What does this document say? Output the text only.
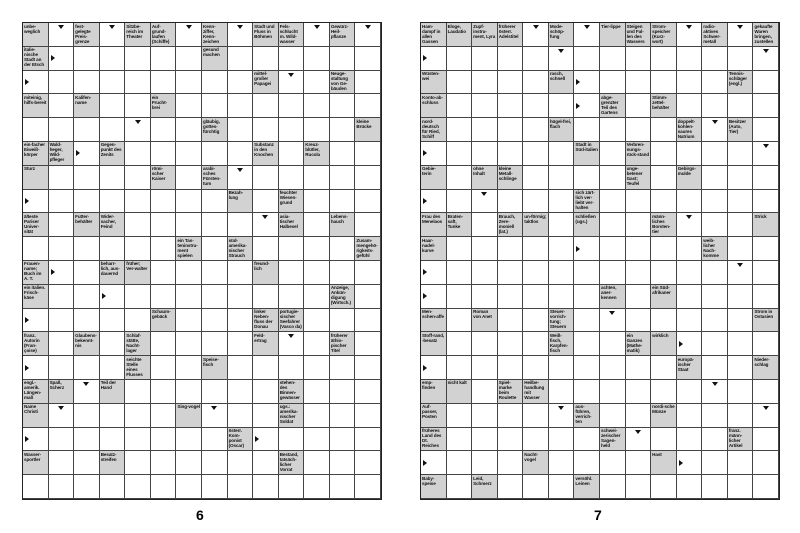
unbe-weglich
fest-gelegte Preis-grenze
Sitzbe-reich im Theater
Auf-grund-laufen (Schiffe)
Kenn-ziffer, Kenn-zeichen
Stadt und Fluss in Böhmen
Fels-schlucht m. Wild-wasser
Gewürz-Heil-pflanze
italie-nische Stadt an der Etsch
gesund machen
mittel-großer Papagei
Neuge-staltung von Ge-bäuden
miteinig, hilfs-bereit
Kalifen-name
ein Frucht-brei
gläubig, gottes-fürchtig
kleine Brücke
ein-facher Eiweiß-körper
Wald-heger, Wild-pfleger
Gegen-punkt des Zenits
Substanz in den Knochen
Kreuz-blütler, Rucola
Sturz	römi-scher Kaiser
arabi-sches Fürsten-tum
Bezah-lung
feuchter Wiesen-grund
älteste Pariser Univer-sität
Futter-behälter
Wider-sacher, Feind
asia-tischer Halbesel
Lebens-hauch
ein Tas-teninstru-ment spielen
süd-amerika-nischer Strauch
Zusam-mengehö-rigkeits-gefühl
Frauen-name; Buch im A. T.
beharr-lich, aus-dauernd
früher; Ver-walter
freund-lich
ein italien. Frisch-käse
Anzeige, Ankün-digung (Wirtsch.)
Schaum-gebäck
linker Neben-fluss der Donau
portugie-sischer Seefahrer (Vasco da)
franz. Autorin (Fran-çoise)
Glaubens-bekennt-nis
Schlaf-stätte, Nacht-lager
Feld-ertrag
früherer äthio-pischer Titel
seichte Stelle eines Flusses
Speise-fisch
engl.-amerik. Längen-maß
Spaß, Scherz
Teil der Hand
stehen-des Binnen-gewässer
Name Christi
Sing-vogel	ugs.: amerika-nischer Soldat
österr. Kom-ponist (Oscar)
Wasser-sportler
Besatz-streifen
Bestand, tatsäch-licher Vorrat
6
Ham-dampf in allen Gassen
Eloge, Laudatio
Zupf-instru-ment, Lyra
früherer österr. Adelstitel
Mode-schöp-fung
Tier-lippe	Steigen und Fal-len des Wassers
Strom-speicher (Kurz-wort)
radio-aktives Schwer-metall
gekaufte Waren bringen, zustellen
Wüsten-wei
rasch, schnell
Tennis-schläger (engl.)
Konto-ab-schluss
abge-grenzter Teil des Gartens
Stimm-zettel-behälter
nord-deutsch für Ried, Schilf
hügel-frei, flach
doppelt-kohlen-saures Natrium
Besitzer (Auto, Tier)
Stadt in Süd-italien
Verbren-nungs-rück-stand
Gebie-terin
ohne Inhalt
kleine Metall-schlinge
unge-betener Gast; Teufel
Gebirgs-mulde
sich zärt-lich ver-liebt ver-halten
Frau des Menelaos
Braten-saft, Tunke
Brauch, Zere-moniell (lat.)
un-förmig; taktlos
schließen (ugs.)
männ-liches Borsten-tier
Strick
Haar-nadel-kurve
weib-licher Nach-komme
achten, aner-kennen
ein Süd-afrikaner
Men-schen-affe
Roman von Anet
Steuer-vorrich-tung; Steuern
Strom in Ostasien
Stoff-rand, -besatz
Weiß-fisch, Karpfen-fisch
ein Ganzes (Mathe-matik)
wirklich
europä-ischer Staat
Nieder-schlag
emp-finden
nicht kalt	Spiel-marke beim Roulette
Heilbe-handlung mit Wasser
Auf-passer, Posten
aus-führen, verrich-ten
nordi-sche Münze
früheres Land des Dt. Reiches
schwei-zerischer Sagen-held
franz. männ-licher Artikel
Nacht-vogel
Hast
Baby-speise
Leid, Schmerz
versöhl. Leinen
7
